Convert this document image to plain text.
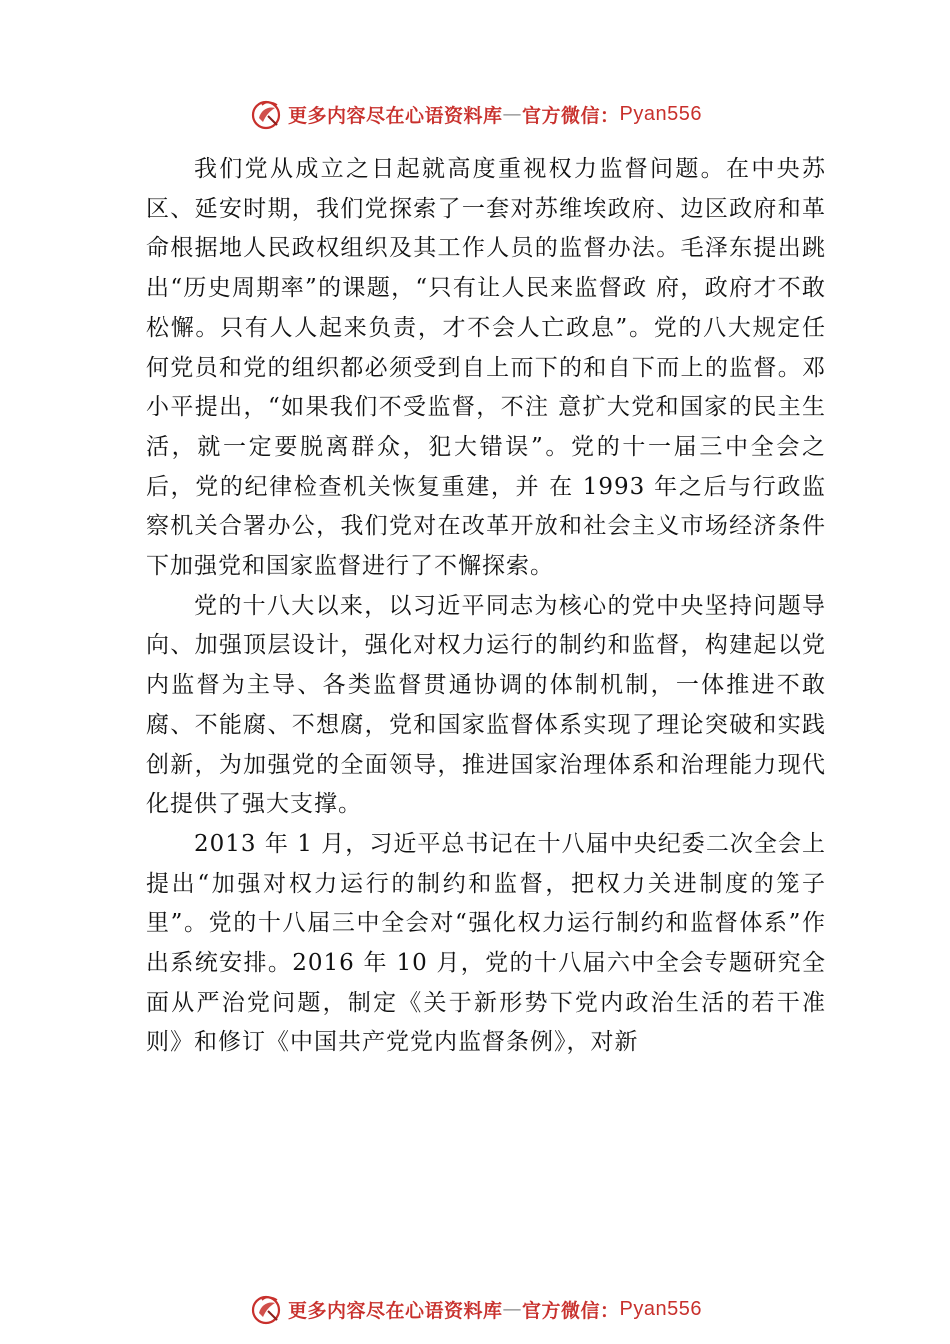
更多内容尽在心语资料库 — 官方微信： Pyan556

我们党从成立之日起就高度重视权力监督问题。在中央苏区、延安时期，我们党探索了一套对苏维埃政府、边区政府和革命根据地人民政权组织及其工作人员的监督办法。毛泽东提出跳出“历史周期率”的课题，“只有让人民来监督政 府，政府才不敢松懈。只有人人起来负责，才不会人亡政息”。党的八大规定任何党员和党的组织都必须受到自上而下的和自下而上的监督。邓小平提出，“如果我们不受监督，不注 意扩大党和国家的民主生活，就一定要脱离群众，犯大错误”。党的十一届三中全会之后，党的纪律检查机关恢复重建，并 在 1993 年之后与行政监察机关合署办公，我们党对在改革开放和社会主义市场经济条件下加强党和国家监督进行了不懈探索。

党的十八大以来，以习近平同志为核心的党中央坚持问题导向、加强顶层设计，强化对权力运行的制约和监督，构建起以党内监督为主导、各类监督贯通协调的体制机制，一体推进不敢腐、不能腐、不想腐，党和国家监督体系实现了理论突破和实践创新，为加强党的全面领导，推进国家治理体系和治理能力现代化提供了强大支撑。

2013 年 1 月，习近平总书记在十八届中央纪委二次全会上提出“加强对权力运行的制约和监督，把权力关进制度的笼子里”。党的十八届三中全会对“强化权力运行制约和监督体系”作出系统安排。2016 年 10 月，党的十八届六中全会专题研究全面从严治党问题，制定《关于新形势下党内政治生活的若干准则》和修订《中国共产党党内监督条例》，对新

更多内容尽在心语资料库 — 官方微信： Pyan556
